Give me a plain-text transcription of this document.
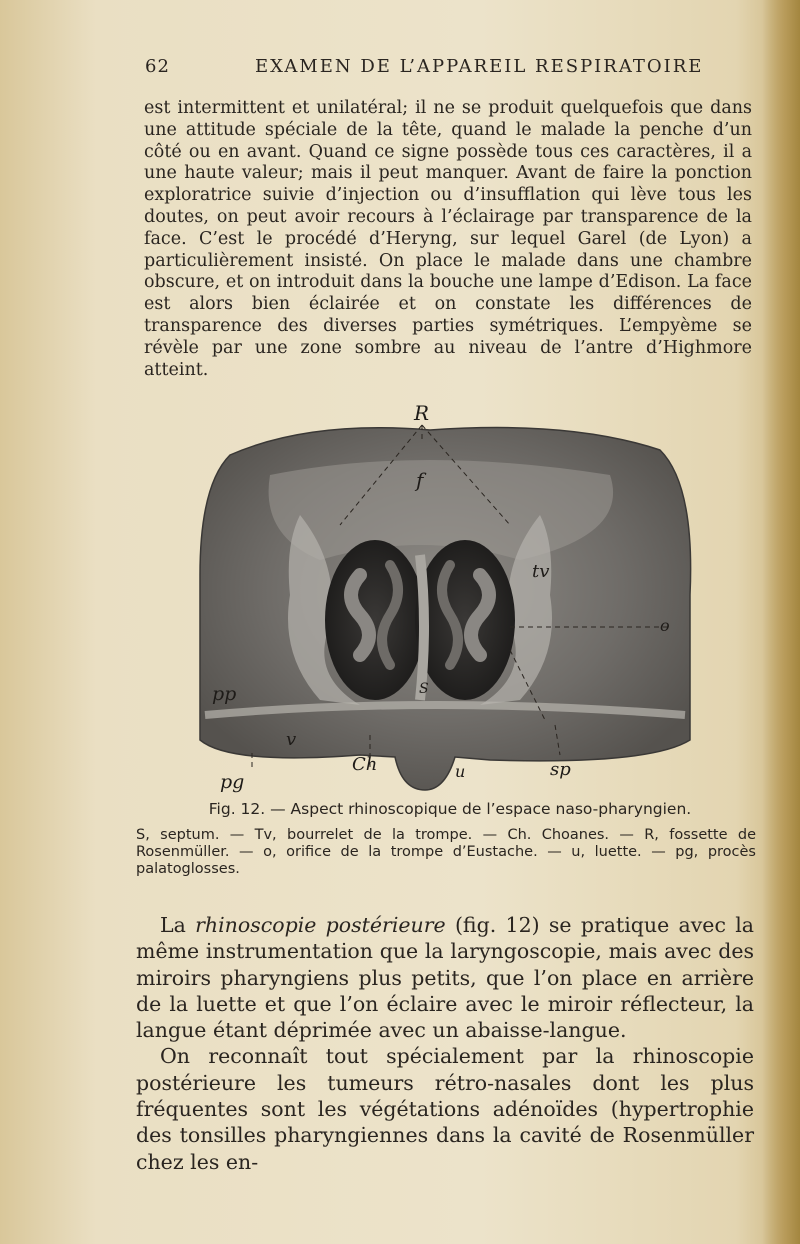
62	EXAMEN DE L’APPAREIL RESPIRATOIRE
est intermittent et unilatéral; il ne se produit quelquefois que dans une attitude spéciale de la tête, quand le malade la penche d’un côté ou en avant. Quand ce signe possède tous ces caractères, il a une haute valeur; mais il peut manquer. Avant de faire la ponction exploratrice suivie d’injection ou d’insufflation qui lève tous les doutes, on peut avoir recours à l’éclairage par transparence de la face. C’est le procédé d’Heryng, sur lequel Garel (de Lyon) a particulièrement insisté. On place le malade dans une chambre obscure, et on introduit dans la bouche une lampe d’Edison. La face est alors bien éclairée et on constate les différences de transparence des diverses parties symétriques. L’empyème se révèle par une zone sombre au niveau de l’antre d’Highmore atteint.
R
f
tv
o
pp	S
v
Ch	u	sp
pg
Fig. 12. — Aspect rhinoscopique de l’espace naso-pharyngien.
S, septum. — Tv, bourrelet de la trompe. — Ch. Choanes. — R, fossette de Rosenmüller. — o, orifice de la trompe d’Eustache. — u, luette. — pg, procès palatoglosses.

La rhinoscopie postérieure (fig. 12) se pratique avec la même instrumentation que la laryngoscopie, mais avec des miroirs pharyngiens plus petits, que l’on place en arrière de la luette et que l’on éclaire avec le miroir réflecteur, la langue étant déprimée avec un abaisse-langue.

On reconnaît tout spécialement par la rhinoscopie postérieure les tumeurs rétro-nasales dont les plus fréquentes sont les végétations adénoïdes (hypertrophie des tonsilles pharyngiennes dans la cavité de Rosenmüller chez les en-
